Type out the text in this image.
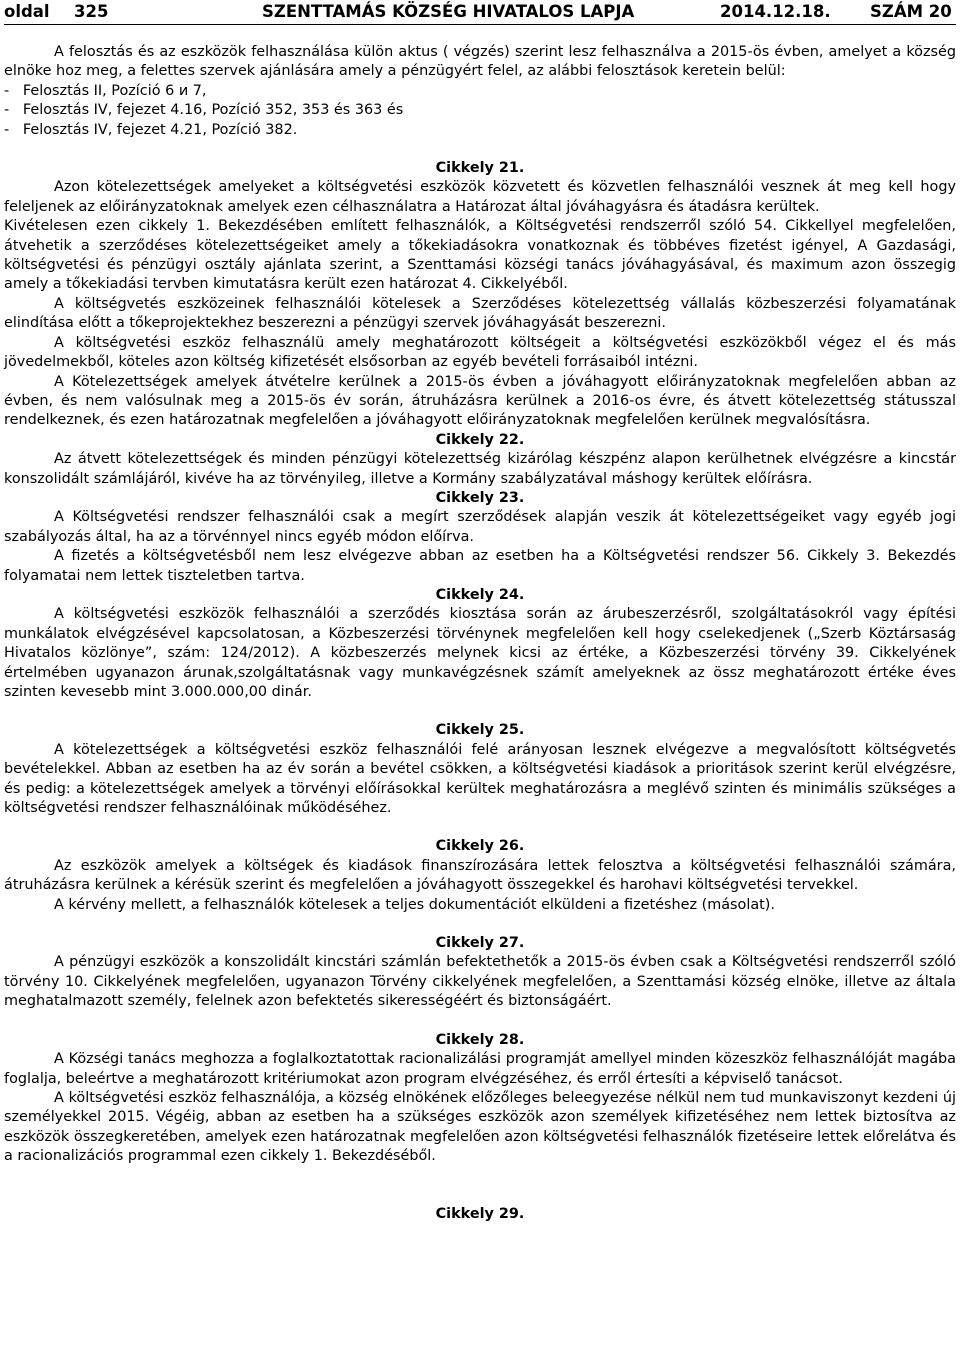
oldal 325	SZENTTAMÁS KÖZSÉG HIVATALOS LAPJA	2014.12.18. SZÁM 20

A felosztás és az eszközök felhasználása külön aktus ( végzés) szerint lesz felhasználva a 2015-ös évben, amelyet a község elnöke hoz meg, a felettes szervek ajánlására amely a pénzügyért felel, az alábbi felosztások keretein belül:

-   Felosztás II, Pozíció 6 и 7,
-   Felosztás IV, fejezet 4.16, Pozíció 352, 353 és 363 és
-   Felosztás IV, fejezet 4.21, Pozíció 382.

Cikkely 21.

Azon kötelezettségek amelyeket a költségvetési eszközök közvetett és közvetlen felhasználói vesznek át meg kell hogy feleljenek az előirányzatoknak amelyek ezen célhasználatra a Határozat által jóváhagyásra és átadásra kerültek.

Kivételesen ezen cikkely 1. Bekezdésében említett felhasználók, a Költségvetési rendszerről szóló 54. Cikkellyel megfelelően, átvehetik a szerződéses kötelezettségeiket amely a tőkekiadásokra vonatkoznak és többéves fizetést igényel, A Gazdasági, költségvetési és pénzügyi osztály ajánlata szerint, a Szenttamási községi tanács jóváhagyásával, és maximum azon összegig amely a tőkekiadási tervben kimutatásra került ezen határozat 4. Cikkelyéből.

A költségvetés eszközeinek felhasználói kötelesek a Szerződéses kötelezettség vállalás közbeszerzési folyamatának elindítása előtt a tőkeprojektekhez beszerezni a pénzügyi szervek jóváhagyását beszerezni.

A költségvetési eszköz felhasználü amely meghatározott költségeit a költségvetési eszközökből végez el és más jövedelmekből, köteles azon költség kifizetését elsősorban az egyéb bevételi forrásaiból intézni.

A Kötelezettségek amelyek átvételre kerülnek a 2015-ös évben a jóváhagyott előirányzatoknak megfelelően abban az évben, és nem valósulnak meg a 2015-ös év során, átruházásra kerülnek a 2016-os évre, és átvett kötelezettség státusszal rendelkeznek, és ezen határozatnak megfelelően a jóváhagyott előirányzatoknak megfelelően kerülnek megvalósításra.

Cikkely 22.

Az átvett kötelezettségek és minden pénzügyi kötelezettség kizárólag készpénz alapon kerülhetnek elvégzésre a kincstár konszolidált számlájáról, kivéve ha az törvényileg, illetve a Kormány szabályzatával máshogy kerültek előírásra.

Cikkely 23.

A Költségvetési rendszer felhasználói csak a megírt szerződések alapján veszik át kötelezettségeiket vagy egyéb jogi szabályozás által, ha az a törvénnyel nincs egyéb módon előírva.

A fizetés a költségvetésből nem lesz elvégezve abban az esetben ha a Költségvetési rendszer 56. Cikkely 3. Bekezdés folyamatai nem lettek tiszteletben tartva.

Cikkely 24.

A költségvetési eszközök felhasználói a szerződés kiosztása során az árubeszerzésről, szolgáltatásokról vagy építési munkálatok elvégzésével kapcsolatosan, a Közbeszerzési törvénynek megfelelően kell hogy cselekedjenek („Szerb Köztársaság Hivatalos közlönye”, szám: 124/2012). A közbeszerzés melynek kicsi az értéke, a Közbeszerzési törvény 39. Cikkelyének értelmében ugyanazon árunak,szolgáltatásnak vagy munkavégzésnek számít amelyeknek az össz meghatározott értéke éves szinten kevesebb mint 3.000.000,00 dinár.

Cikkely 25.

A kötelezettségek a költségvetési eszköz felhasználói felé arányosan lesznek elvégezve a megvalósított költségvetés bevételekkel. Abban az esetben ha az év során a bevétel csökken, a költségvetési kiadások a prioritások szerint kerül elvégzésre, és pedig: a kötelezettségek amelyek a törvényi előírásokkal kerültek meghatározásra a meglévő szinten és minimális szükséges a költségvetési rendszer felhasználóinak működéséhez.

Cikkely 26.

Az eszközök amelyek a költségek és kiadások finanszírozására lettek felosztva a költségvetési felhasználói számára, átruházásra kerülnek a kérésük szerint és megfelelően a jóváhagyott összegekkel és harohavi költségvetési tervekkel.

A kérvény mellett, a felhasználók kötelesek a teljes dokumentációt elküldeni a fizetéshez (másolat).

Cikkely 27.

A pénzügyi eszközök a konszolidált kincstári számlán befektethetők a 2015-ös évben csak a Költségvetési rendszerről szóló törvény 10. Cikkelyének megfelelően, ugyanazon Törvény cikkelyének megfelelően, a Szenttamási község elnöke, illetve az általa meghatalmazott személy, felelnek azon befektetés sikerességéért és biztonságáért.

Cikkely 28.

A Községi tanács meghozza a foglalkoztatottak racionalizálási programját amellyel minden közeszköz felhasználóját magába foglalja, beleértve a meghatározott kritériumokat azon program elvégzéséhez, és erről értesíti a képviselő tanácsot.

A költségvetési eszköz felhasználója, a község elnökének előzőleges beleegyezése nélkül nem tud munkaviszonyt kezdeni új személyekkel 2015. Végéig, abban az esetben ha a szükséges eszközök azon személyek kifizetéséhez nem lettek biztosítva az eszközök összegkeretében, amelyek ezen határozatnak megfelelően azon költségvetési felhasználók fizetéseire lettek előrelátva és a racionalizációs programmal ezen cikkely 1. Bekezdéséből.

Cikkely 29.
